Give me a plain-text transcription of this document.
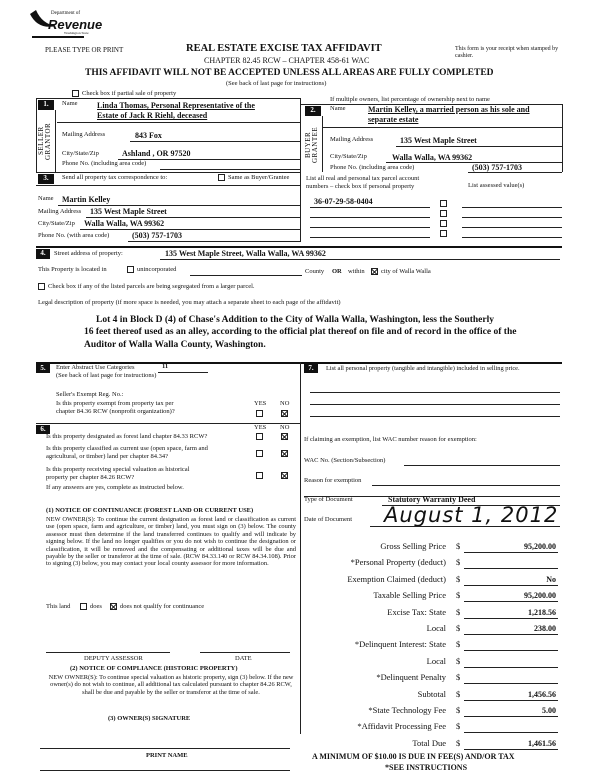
Department of
Revenue
Washington State
PLEASE TYPE OR PRINT	REAL ESTATE EXCISE TAX AFFIDAVIT
CHAPTER 82.45 RCW – CHAPTER 458-61 WAC
This form is your receipt when stamped by cashier.
THIS AFFIDAVIT WILL NOT BE ACCEPTED UNLESS ALL AREAS ARE FULLY COMPLETED
(See back of last page for instructions)
Check box if partial sale of property
If multiple owners, list percentage of ownership next to name
1.
SELLER GRANTOR
Name Linda Thomas, Personal Representative of the
Estate of Jack R Riehl, deceased
Mailing Address	843 Fox
City/State/Zip	Ashland , OR 97520
Phone No. (including area code)
2.
BUYER GRANTEE
Name	Martin Kelley, a married person as his sole and
separate estate
Mailing Address	135 West Maple Street
City/State/Zip	Walla Walla, WA 99362
Phone No. (including area code)	(503) 757-1703
3.	Send all property tax correspondence to:	Same as Buyer/Grantee
Name Martin Kelley
Mailing Address 135 West Maple Street
City/State/Zip Walla Walla, WA 99362
Phone No. (with area code)	(503) 757-1703
List all real and personal tax parcel account
numbers – check box if personal property	List assessed value(s)
36-07-29-58-0404
4.	Street address of property:	135 West Maple Street, Walla Walla, WA 99362
This Property is located in	unincorporated	County OR within	city of Walla Walla
Check box if any of the listed parcels are being segregated from a larger parcel.
Legal description of property (if more space is needed, you may attach a separate sheet to each page of the affidavit)
Lot 4 in Block D (4) of Chase's Addition to the City of Walla Walla, Washington, less the Southerly
16 feet thereof used as an alley, according to the official plat thereof on file and of record in the office of the
Auditor of Walla Walla County, Washington.
5.	Enter Abstract Use Categories	11
(See back of last page for instructions)
Seller's Exempt Reg. No.:
Is this property exempt from property tax per
chapter 84.36 RCW (nonprofit organization)?
YES NO
6.	YES NO
Is this property designated as forest land chapter 84.33 RCW?
Is this property classified as current use (open space, farm and
agricultural, or timber) land per chapter 84.34?
Is this property receiving special valuation as historical
property per chapter 84.26 RCW?
If any answers are yes, complete as instructed below.
(1) NOTICE OF CONTINUANCE (FOREST LAND OR CURRENT USE)
NEW OWNER(S): To continue the current designation as forest land or classification as current use (open space, farm and agriculture, or timber) land, you must sign on (3) below. The county assessor must then determine if the land transferred continues to qualify and will indicate by signing below. If the land no longer qualifies or you do not wish to continue the designation or classification, it will be removed and the compensating or additional taxes will be due and payable by the seller or transferor at the time of sale. (RCW 84.33.140 or RCW 84.34.108). Prior to signing (3) below, you may contact your local county assessor for more information.
This land	does	does not qualify for continuance
DEPUTY ASSESSOR	DATE
(2) NOTICE OF COMPLIANCE (HISTORIC PROPERTY)
NEW OWNER(S): To continue special valuation as historic property, sign (3) below. If the new owner(s) do not wish to continue, all additional tax calculated pursuant to chapter 84.26 RCW, shall be due and payable by the seller or transferor at the time of sale.
(3) OWNER(S) SIGNATURE
PRINT NAME
7.	List all personal property (tangible and intangible) included in selling price.
If claiming an exemption, list WAC number reason for exemption:
WAC No. (Section/Subsection)
Reason for exemption
Type of Document	Statutory Warranty Deed
Date of Document August 1, 2012
Gross Selling Price $	95,200.00
*Personal Property (deduct) $
Exemption Claimed (deduct) $	No
Taxable Selling Price $	95,200.00
Excise Tax: State $	1,218.56
Local $	238.00
*Delinquent Interest: State $
Local $
*Delinquent Penalty $
Subtotal $	1,456.56
*State Technology Fee $	5.00
*Affidavit Processing Fee $
Total Due $	1,461.56
A MINIMUM OF $10.00 IS DUE IN FEE(S) AND/OR TAX
*SEE INSTRUCTIONS
